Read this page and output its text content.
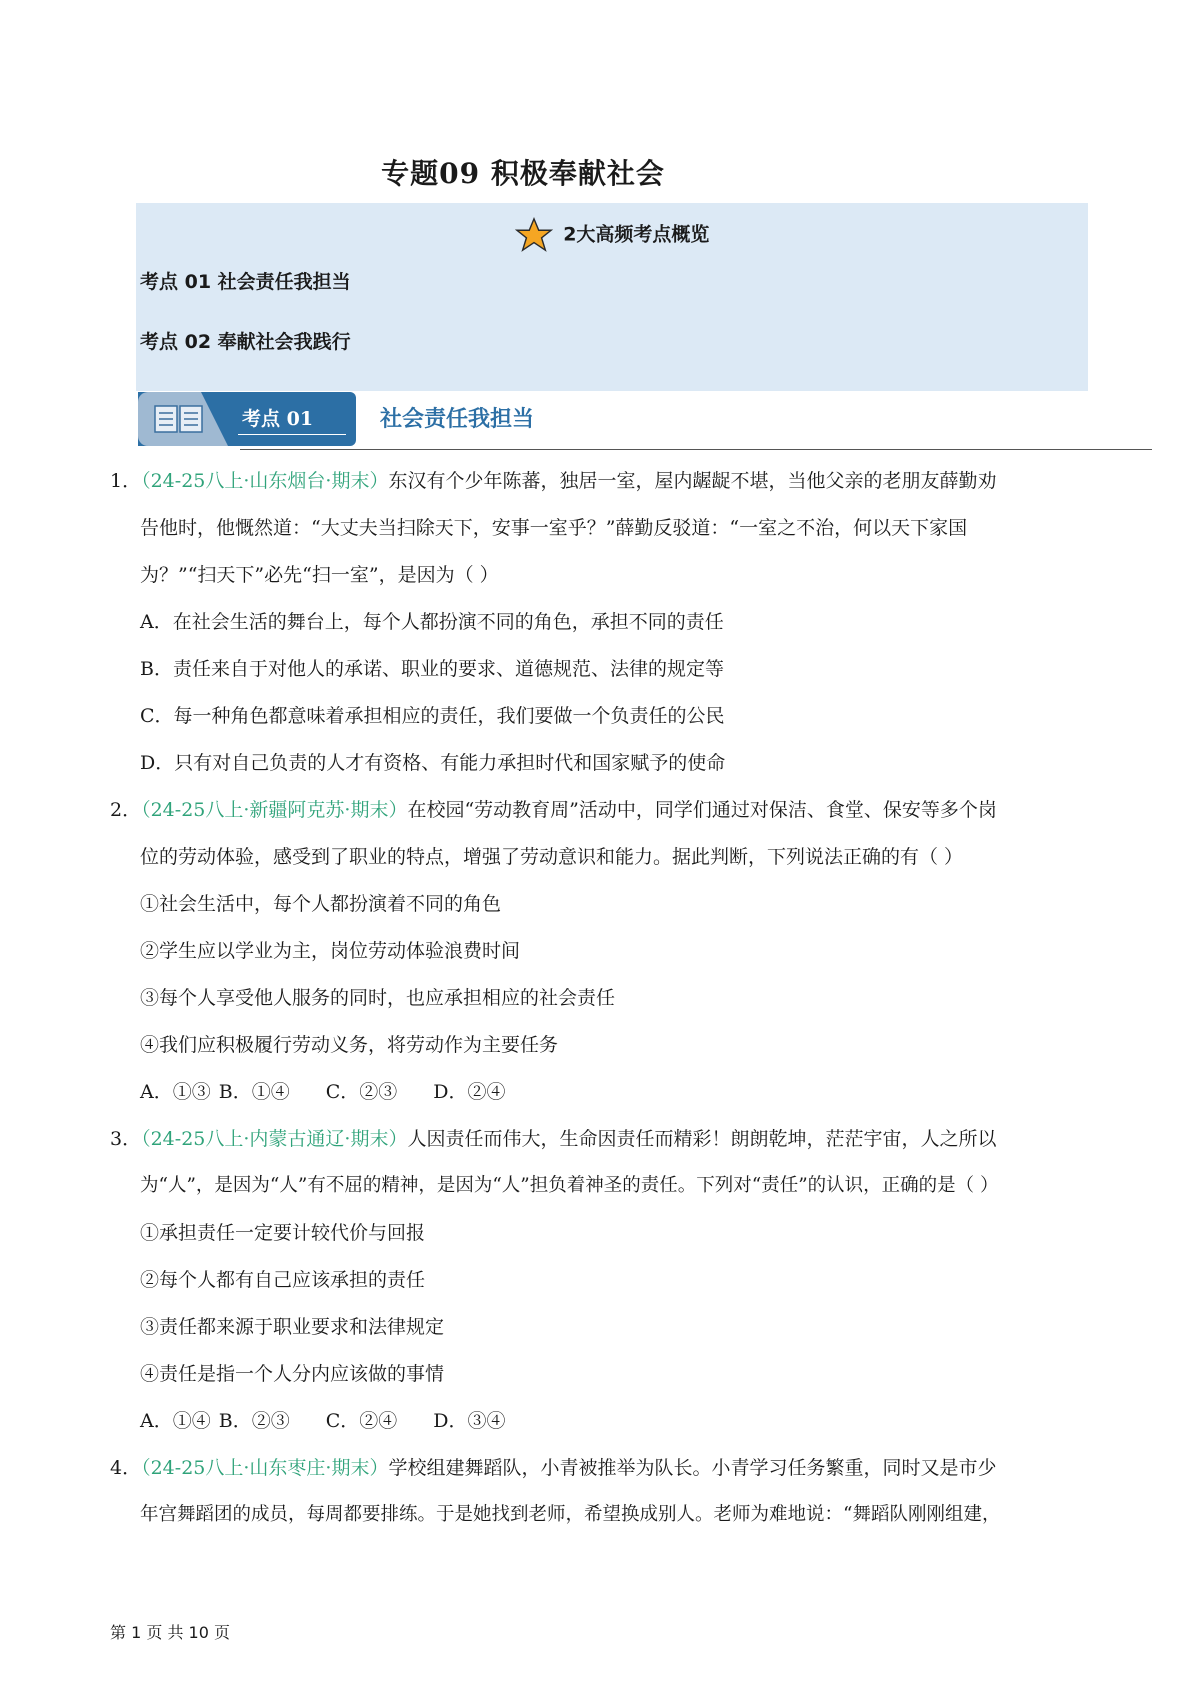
专题09 积极奉献社会
2大高频考点概览
考点 01 社会责任我担当
考点 02 奉献社会我践行
考点 01	社会责任我担当
1．（24-25八上·山东烟台·期末）东汉有个少年陈蕃，独居一室，屋内龌龊不堪，当他父亲的老朋友薛勤劝
告他时，他慨然道：“大丈夫当扫除天下，安事一室乎？”薛勤反驳道：“一室之不治，何以天下家国
为？”“扫天下”必先“扫一室”，是因为（ ）
A．在社会生活的舞台上，每个人都扮演不同的角色，承担不同的责任
B．责任来自于对他人的承诺、职业的要求、道德规范、法律的规定等
C．每一种角色都意味着承担相应的责任，我们要做一个负责任的公民
D．只有对自己负责的人才有资格、有能力承担时代和国家赋予的使命
2．（24-25八上·新疆阿克苏·期末）在校园“劳动教育周”活动中，同学们通过对保洁、食堂、保安等多个岗
位的劳动体验，感受到了职业的特点，增强了劳动意识和能力。据此判断，下列说法正确的有（ ）
①社会生活中，每个人都扮演着不同的角色
②学生应以学业为主，岗位劳动体验浪费时间
③每个人享受他人服务的同时，也应承担相应的社会责任
④我们应积极履行劳动义务，将劳动作为主要任务
A．①③ B．①④ C．②③ D．②④
3．（24-25八上·内蒙古通辽·期末）人因责任而伟大，生命因责任而精彩！朗朗乾坤，茫茫宇宙，人之所以
为“人”，是因为“人”有不屈的精神，是因为“人”担负着神圣的责任。下列对“责任”的认识，正确的是（ ）
①承担责任一定要计较代价与回报
②每个人都有自己应该承担的责任
③责任都来源于职业要求和法律规定
④责任是指一个人分内应该做的事情
A．①④ B．②③ C．②④ D．③④
4．（24-25八上·山东枣庄·期末）学校组建舞蹈队，小青被推举为队长。小青学习任务繁重，同时又是市少
年宫舞蹈团的成员，每周都要排练。于是她找到老师，希望换成别人。老师为难地说：“舞蹈队刚刚组建，
第 1 页 共 10 页
